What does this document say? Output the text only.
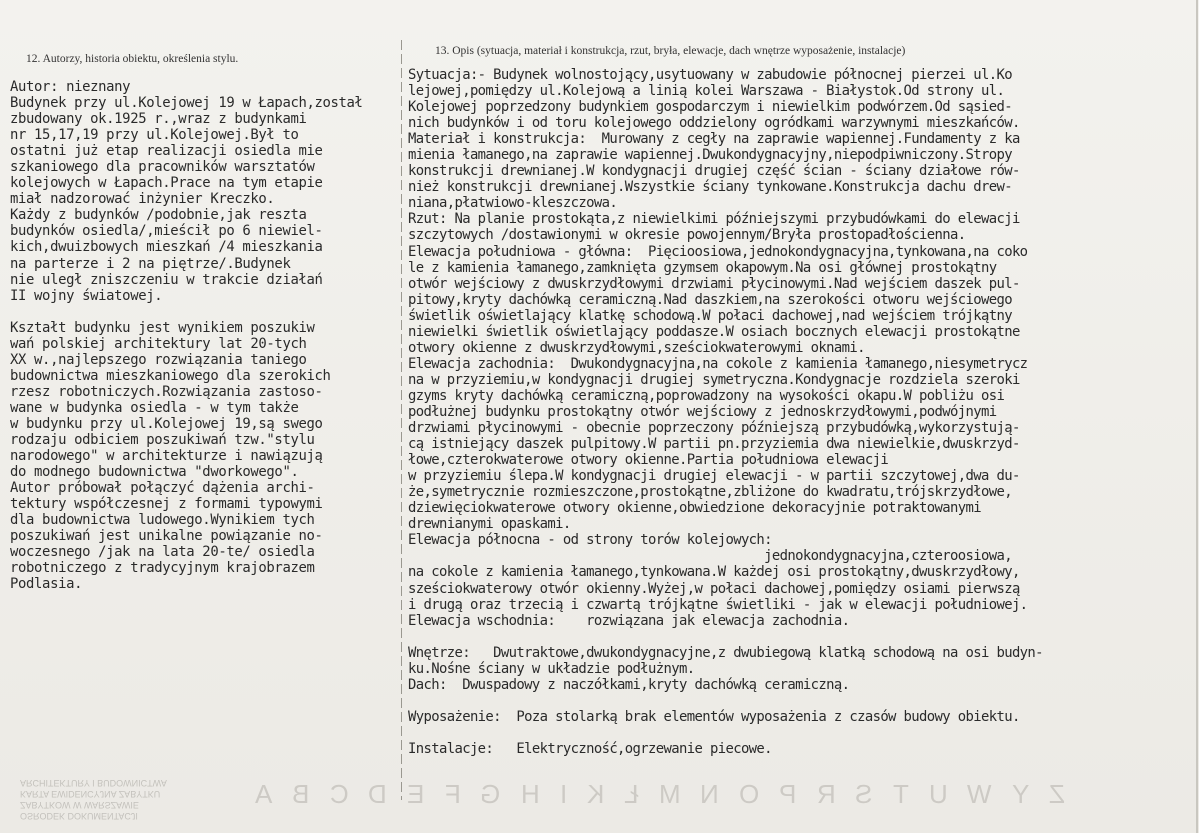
12. Autorzy, historia obiektu, określenia stylu.
13. Opis (sytuacja, materiał i konstrukcja, rzut, bryła, elewacje, dach wnętrze wyposażenie, instalacje)
Autor: nieznany
Budynek przy ul.Kolejowej 19 w Łapach,został
zbudowany ok.1925 r.,wraz z budynkami
nr 15,17,19 przy ul.Kolejowej.Był to
ostatni już etap realizacji osiedla mie
szkaniowego dla pracowników warsztatów
kolejowych w Łapach.Prace na tym etapie
miał nadzorować inżynier Kreczko.
Każdy z budynków /podobnie,jak reszta
budynków osiedla/,mieścił po 6 niewiel-
kich,dwuizbowych mieszkań /4 mieszkania
na parterze i 2 na piętrze/.Budynek
nie uległ zniszczeniu w trakcie działań
II wojny światowej.
Kształt budynku jest wynikiem poszukiw
wań polskiej architektury lat 20-tych
XX w.,najlepszego rozwiązania taniego
budownictwa mieszkaniowego dla szerokich
rzesz robotniczych.Rozwiązania zastoso-
wane w budynka osiedla - w tym także
w budynku przy ul.Kolejowej 19,są swego
rodzaju odbiciem poszukiwań tzw."stylu
narodowego" w architekturze i nawiązują
do modnego budownictwa "dworkowego".
Autor próbował połączyć dążenia archi-
tektury współczesnej z formami typowymi
dla budownictwa ludowego.Wynikiem tych
poszukiwań jest unikalne powiązanie no-
woczesnego /jak na lata 20-te/ osiedla
robotniczego z tradycyjnym krajobrazem
Podlasia.
Sytuacja:- Budynek wolnostojący,usytuowany w zabudowie północnej pierzei ul.Ko
lejowej,pomiędzy ul.Kolejową a linią kolei Warszawa - Białystok.Od strony ul.
Kolejowej poprzedzony budynkiem gospodarczym i niewielkim podwórzem.Od sąsied-
nich budynków i od toru kolejowego oddzielony ogródkami warzywnymi mieszkańców.
Materiał i konstrukcja:  Murowany z cegły na zaprawie wapiennej.Fundamenty z ka
mienia łamanego,na zaprawie wapiennej.Dwukondygnacyjny,niepodpiwniczony.Stropy
konstrukcji drewnianej.W kondygnacji drugiej część ścian - ściany działowe rów-
nież konstrukcji drewnianej.Wszystkie ściany tynkowane.Konstrukcja dachu drew-
niana,płatwiowo-kleszczowa.
Rzut: Na planie prostokąta,z niewielkimi późniejszymi przybudówkami do elewacji
szczytowych /dostawionymi w okresie powojennym/Bryła prostopadłościenna.
Elewacja południowa - główna:  Pięcioosiowa,jednokondygnacyjna,tynkowana,na coko
le z kamienia łamanego,zamknięta gzymsem okapowym.Na osi głównej prostokątny
otwór wejściowy z dwuskrzydłowymi drzwiami płycinowymi.Nad wejściem daszek pul-
pitowy,kryty dachówką ceramiczną.Nad daszkiem,na szerokości otworu wejściowego
świetlik oświetlający klatkę schodową.W połaci dachowej,nad wejściem trójkątny
niewielki świetlik oświetlający poddasze.W osiach bocznych elewacji prostokątne
otwory okienne z dwuskrzydłowymi,sześciokwaterowymi oknami.
Elewacja zachodnia:  Dwukondygnacyjna,na cokole z kamienia łamanego,niesymetrycz
na w przyziemiu,w kondygnacji drugiej symetryczna.Kondygnacje rozdziela szeroki
gzyms kryty dachówką ceramiczną,poprowadzony na wysokości okapu.W pobliżu osi
podłużnej budynku prostokątny otwór wejściowy z jednoskrzydłowymi,podwójnymi
drzwiami płycinowymi - obecnie poprzeczony późniejszą przybudówką,wykorzystują-
cą istniejący daszek pulpitowy.W partii pn.przyziemia dwa niewielkie,dwuskrzyd-
łowe,czterokwaterowe otwory okienne.Partia południowa elewacji
w przyziemiu ślepa.W kondygnacji drugiej elewacji - w partii szczytowej,dwa du-
że,symetrycznie rozmieszczone,prostokątne,zbliżone do kwadratu,trójskrzydłowe,
dziewięciokwaterowe otwory okienne,obwiedzione dekoracyjnie potraktowanymi
drewnianymi opaskami.
Elewacja północna - od strony torów kolejowych:
jednokondygnacyjna,czteroosiowa,
na cokole z kamienia łamanego,tynkowana.W każdej osi prostokątny,dwuskrzydłowy,
sześciokwaterowy otwór okienny.Wyżej,w połaci dachowej,pomiędzy osiami pierwszą
i drugą oraz trzecią i czwartą trójkątne świetliki - jak w elewacji południowej.
Elewacja wschodnia:    rozwiązana jak elewacja zachodnia.
Wnętrze:   Dwutraktowe,dwukondygnacyjne,z dwubiegową klatką schodową na osi budyn-
ku.Nośne ściany w układzie podłużnym.
Dach:  Dwuspadowy z naczółkami,kryty dachówką ceramiczną.
Wyposażenie:  Poza stolarką brak elementów wyposażenia z czasów budowy obiektu.
Instalacje:   Elektryczność,ogrzewanie piecowe.
OSRODEK DOKUMENTACJI
ZABYTKOW W WARSZAWIE
KARTA EWIDENCYJNA ZABYTKU
ARCHITEKTURY I BUDOWNICTWA	A B C D E F G H I K Ł M N O P R S T U W Y Z
